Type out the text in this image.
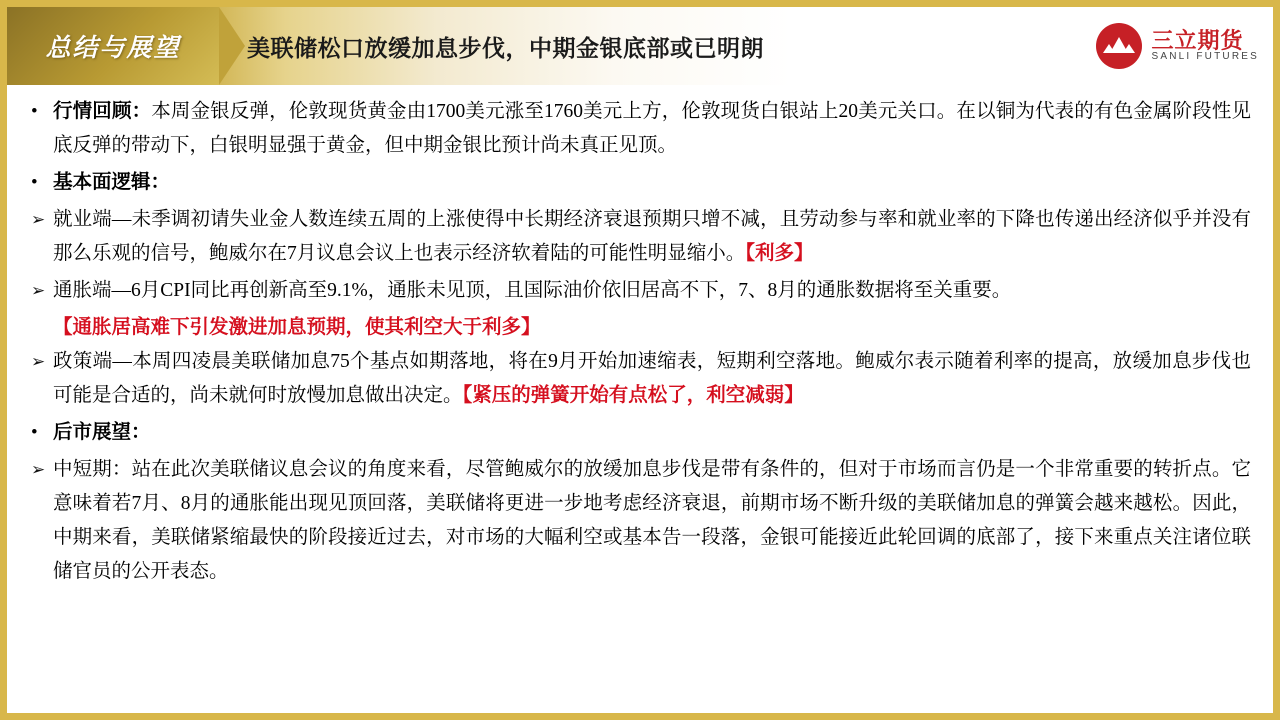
总结与展望	美联储松口放缓加息步伐，中期金银底部或已明朗	三立期货
SANLI FUTURES
• 行情回顾：本周金银反弹，伦敦现货黄金由1700美元涨至1760美元上方，伦敦现货白银站上20美元关口。在以铜为代表的有色金属阶段性见底反弹的带动下，白银明显强于黄金，但中期金银比预计尚未真正见顶。
• 基本面逻辑：
➢ 就业端—未季调初请失业金人数连续五周的上涨使得中长期经济衰退预期只增不减，且劳动参与率和就业率的下降也传递出经济似乎并没有那么乐观的信号，鲍威尔在7月议息会议上也表示经济软着陆的可能性明显缩小。【利多】
➢ 通胀端—6月CPI同比再创新高至9.1%，通胀未见顶，且国际油价依旧居高不下，7、8月的通胀数据将至关重要。
【通胀居高难下引发激进加息预期，使其利空大于利多】
➢ 政策端—本周四凌晨美联储加息75个基点如期落地，将在9月开始加速缩表，短期利空落地。鲍威尔表示随着利率的提高，放缓加息步伐也可能是合适的，尚未就何时放慢加息做出决定。【紧压的弹簧开始有点松了，利空减弱】
• 后市展望：
➢ 中短期：站在此次美联储议息会议的角度来看，尽管鲍威尔的放缓加息步伐是带有条件的，但对于市场而言仍是一个非常重要的转折点。它意味着若7月、8月的通胀能出现见顶回落，美联储将更进一步地考虑经济衰退，前期市场不断升级的美联储加息的弹簧会越来越松。因此，中期来看，美联储紧缩最快的阶段接近过去，对市场的大幅利空或基本告一段落，金银可能接近此轮回调的底部了，接下来重点关注诸位联储官员的公开表态。
